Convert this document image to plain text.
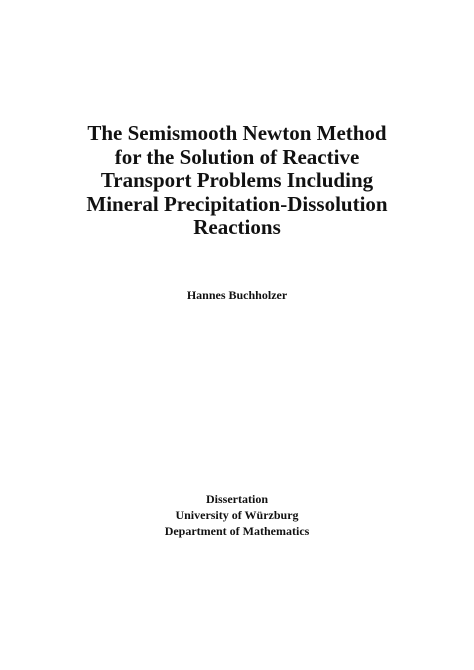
The Semismooth Newton Method
for the Solution of Reactive
Transport Problems Including
Mineral Precipitation-Dissolution
Reactions
Hannes Buchholzer
Dissertation
University of Würzburg
Department of Mathematics
